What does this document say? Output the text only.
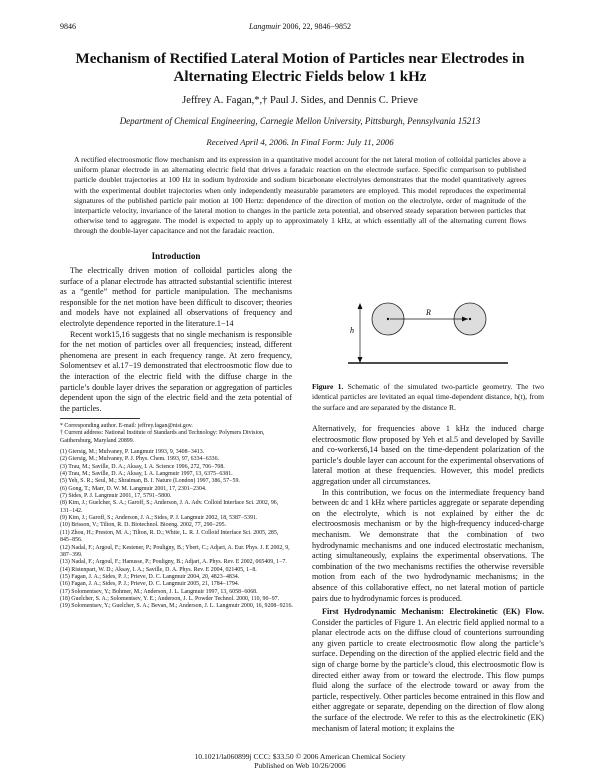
9846	Langmuir 2006, 22, 9846−9852
Mechanism of Rectified Lateral Motion of Particles near Electrodes in Alternating Electric Fields below 1 kHz
Jeffrey A. Fagan,*,† Paul J. Sides, and Dennis C. Prieve
Department of Chemical Engineering, Carnegie Mellon University, Pittsburgh, Pennsylvania 15213
Received April 4, 2006. In Final Form: July 11, 2006
A rectified electroosmotic flow mechanism and its expression in a quantitative model account for the net lateral motion of colloidal particles above a uniform planar electrode in an alternating electric field that drives a faradaic reaction on the electrode surface. Specific comparison to published particle doublet trajectories at 100 Hz in sodium hydroxide and sodium bicarbonate electrolytes demonstrates that the model quantitatively agrees with the experimental doublet trajectories when only independently measurable parameters are employed. This model reproduces the experimental signatures of the published particle pair motion at 100 Hertz: dependence of the direction of motion on the electrolyte, order of magnitude of the interparticle velocity, invariance of the lateral motion to changes in the particle zeta potential, and observed steady separation between particles that otherwise tend to aggregate. The model is expected to apply up to approximately 1 kHz, at which essentially all of the alternating current flows through the double-layer capacitance and not the faradaic reaction.
Introduction

The electrically driven motion of colloidal particles along the surface of a planar electrode has attracted substantial scientific interest as a “gentle” method for particle manipulation. The mechanisms responsible for the net motion have been difficult to discover; theories and models have not explained all observations of frequency and electrolyte dependence reported in the literature.1−14

Recent work15,16 suggests that no single mechanism is responsible for the net motion of particles over all frequencies; instead, different phenomena are present in each frequency range. At zero frequency, Solomentsev et al.17−19 demonstrated that electroosmotic flow due to the interaction of the electric field with the diffuse charge in the particle’s double layer drives the separation or aggregation of particles dependent upon the sign of the electric field and the zeta potential of the particles.

* Corresponding author. E-mail: jeffrey.fagan@nist.gov.
† Current address: National Institute of Standards and Technology: Polymers Division, Gaithersburg, Maryland 20899.
(1) Giersig, M.; Mulvaney, P. Langmuir 1993, 9, 3408−3413.
(2) Giersig, M.; Mulvaney, P. J. Phys. Chem. 1993, 97, 6334−6336.
(3) Trau, M.; Saville, D. A.; Aksay, I. A. Science 1996, 272, 706−708.
(4) Trau, M.; Saville, D. A.; Aksay, I. A. Langmuir 1997, 13, 6375−6381.
(5) Yeh, S. R.; Seul, M.; Shraiman, B. I. Nature (London) 1997, 386, 57−59.
(6) Gong, T.; Marr, D. W. M. Langmuir 2001, 17, 2301−2304.
(7) Sides, P. J. Langmuir 2001, 17, 5791−5800.
(8) Kim, J.; Guelcher, S. A.; Garoff, S.; Anderson, J. A. Adv. Colloid Interface Sci. 2002, 96, 131−142.
(9) Kim, J.; Garoff, S.; Anderson, J. A.; Sides, P. J. Langmuir 2002, 18, 5387−5391.
(10) Brisson, V.; Tilton, R. D. Biotechnol. Bioeng. 2002, 77, 290−295.
(11) Zhou, H.; Preston, M. A.; Tilton, R. D.; White, L. R. J. Colloid Interface Sci. 2005, 285, 845−856.
(12) Nadal, F.; Argoul, F.; Kestener, P.; Pouligny, B.; Ybert, C.; Adjari, A. Eur. Phys. J. E 2002, 9, 387−399.
(13) Nadal, F.; Argoul, F.; Hanusse, P.; Pouligny, B.; Adjari, A. Phys. Rev. E 2002, 065409, 1−7.
(14) Ristenpart, W. D.; Aksay, I. A.; Saville, D. A. Phys. Rev. E 2004, 021405, 1−8.
(15) Fagan, J. A.; Sides, P. J.; Prieve, D. C. Langmuir 2004, 20, 4823−4834.
(16) Fagan, J. A.; Sides, P. J.; Prieve, D. C. Langmuir 2005, 21, 1784−1794.
(17) Solomentsev, Y.; Bohmer, M.; Anderson, J. L. Langmuir 1997, 13, 6058−6068.
(18) Guelcher, S. A.; Solomentsev, Y. E.; Anderson, J. L. Powder Technol. 2000, 110, 90−97.
(19) Solomentsev, Y.; Guelcher, S. A.; Bevan, M.; Anderson, J. L. Langmuir 2000, 16, 9208−9216.
h
R
Figure 1. Schematic of the simulated two-particle geometry. The two identical particles are levitated an equal time-dependent distance, h(t), from the surface and are separated by the distance R.

Alternatively, for frequencies above 1 kHz the induced charge electroosmotic flow proposed by Yeh et al.5 and developed by Saville and co-workers6,14 based on the time-dependent polarization of the particle’s double layer can account for the experimental observations of lateral motion at these frequencies. However, this model predicts aggregation under all circumstances.

In this contribution, we focus on the intermediate frequency band between dc and 1 kHz where particles aggregate or separate depending on the electrolyte, which is not explained by either the dc electroosmosis mechanism or by the high-frequency induced-charge mechanism. We demonstrate that the combination of two hydrodynamic mechanisms and one induced electrostatic mechanism, acting simultaneously, explains the experimental observations. The combination of the two mechanisms rectifies the otherwise reversible motion from each of the two hydrodynamic mechanisms; in the absence of this collaborative effect, no net lateral motion of particle pairs due to hydrodynamic forces is produced.

First Hydrodynamic Mechanism: Electrokinetic (EK) Flow. Consider the particles of Figure 1. An electric field applied normal to a planar electrode acts on the diffuse cloud of counterions surrounding any given particle to create electroosmotic flow along the particle’s surface. Depending on the direction of the applied electric field and the sign of charge borne by the particle’s cloud, this electroosmotic flow is directed either away from or toward the electrode. This flow pumps fluid along the surface of the electrode toward or away from the particle, respectively. Other particles become entrained in this flow and either aggregate or separate, depending on the direction of flow along the surface of the electrode. We refer to this as the electrokinetic (EK) mechanism of lateral motion; it explains the

10.1021/la060899j CCC: $33.50 © 2006 American Chemical Society
Published on Web 10/26/2006
